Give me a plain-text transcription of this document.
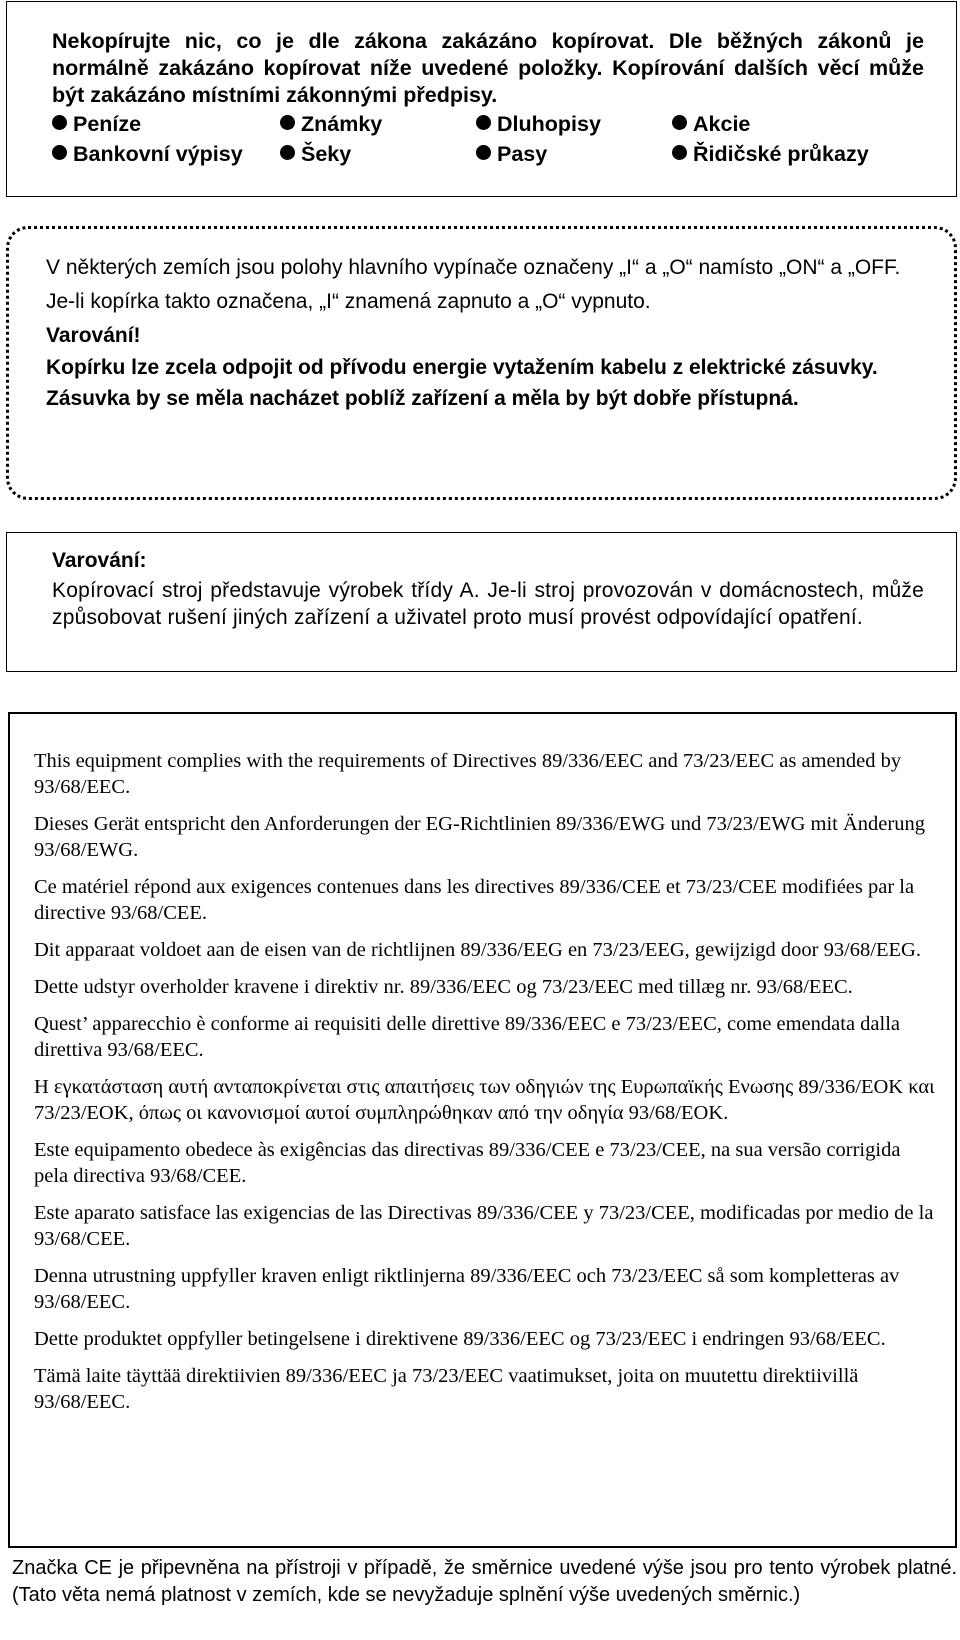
Nekopírujte nic, co je dle zákona zakázáno kopírovat. Dle běžných zákonů je normálně zakázáno kopírovat níže uvedené položky. Kopírování dalších věcí může být zakázáno místními zákonnými předpisy.

Peníze	Známky	Dluhopisy	Akcie
Bankovní výpisy	Šeky	Pasy	Řidičské průkazy

V některých zemích jsou polohy hlavního vypínače označeny „I“ a „O“ namísto „ON“ a „OFF.

Je-li kopírka takto označena, „I“ znamená zapnuto a „O“ vypnuto.

Varování!

Kopírku lze zcela odpojit od přívodu energie vytažením kabelu z elektrické zásuvky.

Zásuvka by se měla nacházet poblíž zařízení a měla by být dobře přístupná.

Varování:

Kopírovací stroj představuje výrobek třídy A. Je-li stroj provozován v domácnostech, může způsobovat rušení jiných zařízení a uživatel proto musí provést odpovídající opatření.

This equipment complies with the requirements of Directives 89/336/EEC and 73/23/EEC as amended by 93/68/EEC.

Dieses Gerät entspricht den Anforderungen der EG-Richtlinien 89/336/EWG und 73/23/EWG mit Änderung 93/68/EWG.

Ce matériel répond aux exigences contenues dans les directives 89/336/CEE et 73/23/CEE modifiées par la directive 93/68/CEE.

Dit apparaat voldoet aan de eisen van de richtlijnen 89/336/EEG en 73/23/EEG, gewijzigd door 93/68/EEG.

Dette udstyr overholder kravene i direktiv nr. 89/336/EEC og 73/23/EEC med tillæg nr. 93/68/EEC.

Quest’ apparecchio è conforme ai requisiti delle direttive 89/336/EEC e 73/23/EEC, come emendata dalla direttiva 93/68/EEC.

Η εγκατάσταση αυτή ανταποκρίνεται στις απαιτήσεις των οδηγιών της Ευρωπαϊκής Ενωσης 89/336/ΕΟΚ και 73/23/ΕΟΚ, όπως οι κανονισμοί αυτοί συμπληρώθηκαν από την οδηγία 93/68/ΕΟΚ.

Este equipamento obedece às exigências das directivas 89/336/CEE e 73/23/CEE, na sua versão corrigida pela directiva 93/68/CEE.

Este aparato satisface las exigencias de las Directivas 89/336/CEE y 73/23/CEE, modificadas por medio de la 93/68/CEE.

Denna utrustning uppfyller kraven enligt riktlinjerna 89/336/EEC och 73/23/EEC så som kompletteras av 93/68/EEC.

Dette produktet oppfyller betingelsene i direktivene 89/336/EEC og 73/23/EEC i endringen 93/68/EEC.

Tämä laite täyttää direktiivien 89/336/EEC ja 73/23/EEC vaatimukset, joita on muutettu direktiivillä 93/68/EEC.

Značka CE je připevněna na přístroji v případě, že směrnice uvedené výše jsou pro tento výrobek platné. (Tato věta nemá platnost v zemích, kde se nevyžaduje splnění výše uvedených směrnic.)
